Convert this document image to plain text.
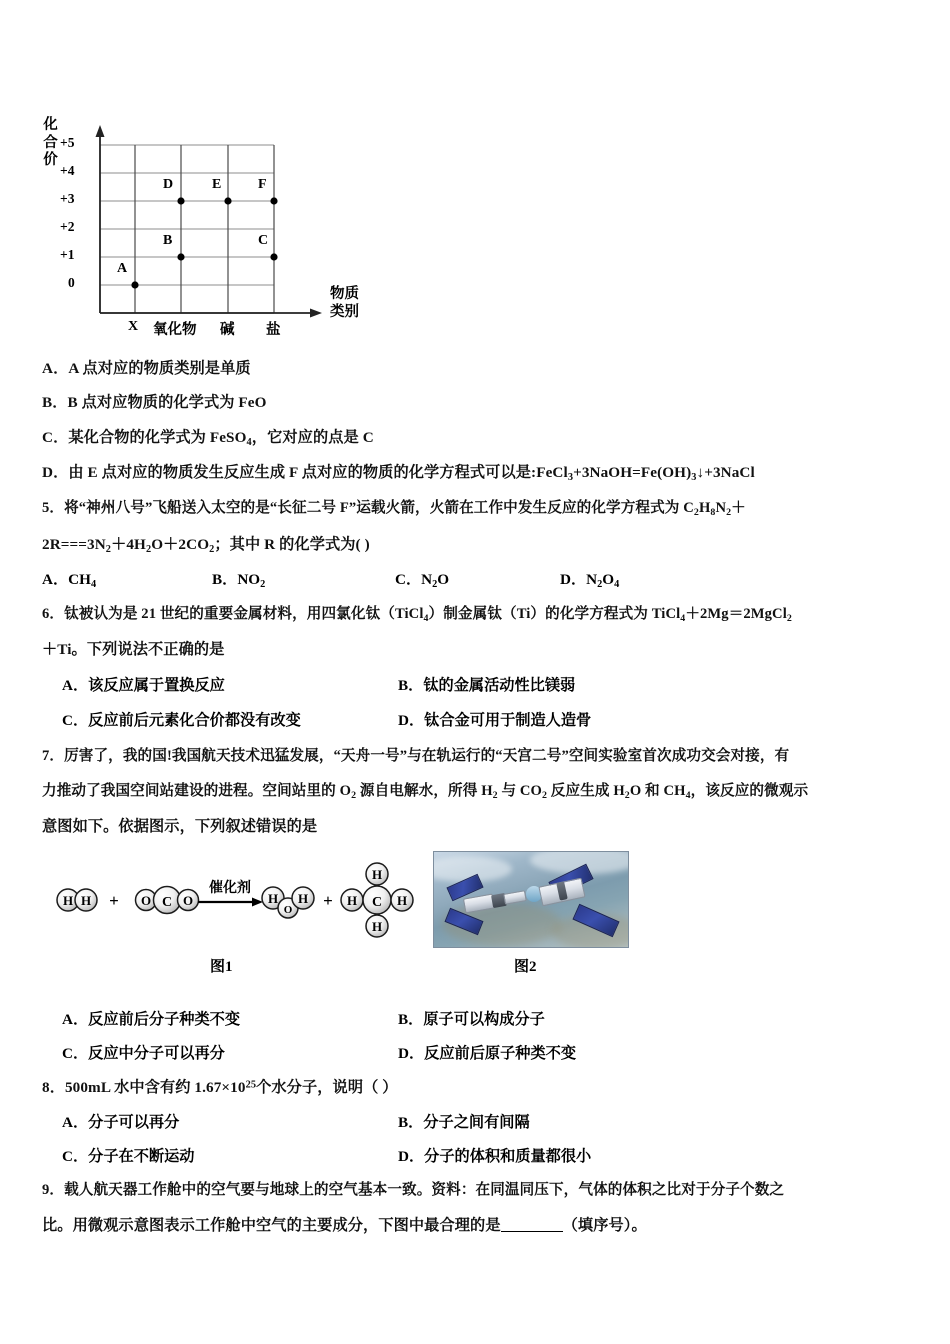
+5
+4
+3
+2
+1
0
化合价
A
B
D	E	F
C
X 氧化物 碱 盐
物质类别
A．A 点对应的物质类别是单质
B．B 点对应物质的化学式为 FeO
C．某化合物的化学式为 FeSO$_4$，它对应的点是 C
D．由 E 点对应的物质发生反应生成 F 点对应的物质的化学方程式可以是$:FeCl_3+3NaOH=Fe(OH)_3↓+3NaCl$
5．将“神州八号”飞船送入太空的是“长征二号 F”运载火箭，火箭在工作中发生反应的化学方程式为 $C_2H_8N_2+$
$2R===3N_2+4H_2O+2CO_2$；其中 R 的化学式为( )
A．$CH_4$	B．$NO_2$	C．$N_2O$	D．$N_2O_4$
6．钛被认为是 21 世纪的重要金属材料，用四氯化钛（TiCl$_4$）制金属钛（Ti）的化学方程式为 TiCl$_4$＋2Mg＝2MgCl$_2$
＋Ti。下列说法不正确的是
A．该反应属于置换反应	B．钛的金属活动性比镁弱
C．反应前后元素化合价都没有改变	D．钛合金可用于制造人造骨
7．厉害了，我的国!我国航天技术迅猛发展，“天舟一号”与在轨运行的“天宫二号”空间实验室首次成功交会对接，有
力推动了我国空间站建设的进程。空间站里的 $O_2$ 源自电解水，所得 $H_2$ 与 $CO_2$ 反应生成 $H_2O$ 和 $CH_4$，该反应的微观示
意图如下。依据图示，下列叙述错误的是
H H + O C O
催化剂
H
O
H +
H
H C H
H
图1	图2
A．反应前后分子种类不变	B．原子可以构成分子
C．反应中分子可以再分	D．反应前后原子种类不变
8．500mL 水中含有约 $1.67\times 10^{25}$个水分子，说明（ ）
A．分子可以再分	B．分子之间有间隔
C．分子在不断运动	D．分子的体积和质量都很小
9．载人航天器工作舱中的空气要与地球上的空气基本一致。资料：在同温同压下，气体的体积之比对于分子个数之
比。用微观示意图表示工作舱中空气的主要成分，下图中最合理的是	（填序号）。
